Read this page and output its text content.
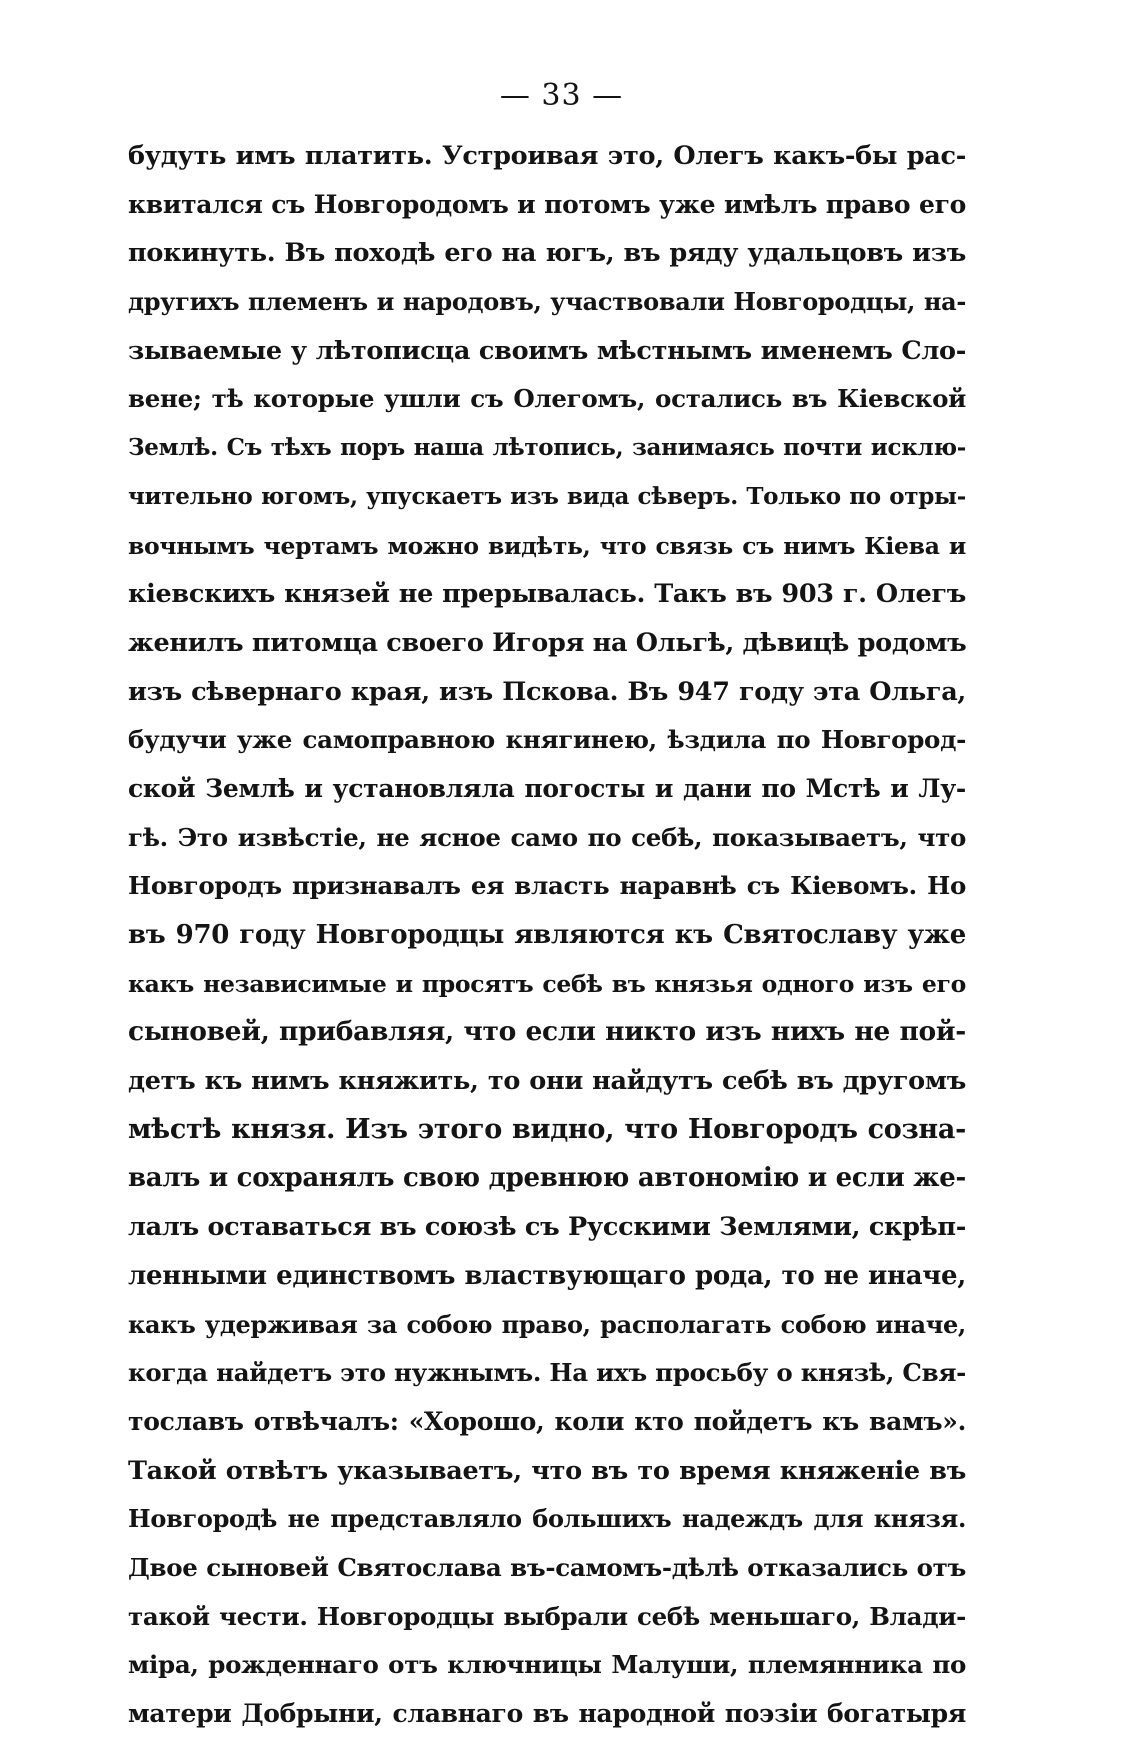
— 33 —
будуть имъ платить. Устроивая это, Олегъ какъ-бы рас-
квитался съ Новгородомъ и потомъ уже имѣлъ право его
покинуть. Въ походѣ его на югъ, въ ряду удальцовъ изъ
другихъ племенъ и народовъ, участвовали Новгородцы, на-
зываемые у лѣтописца своимъ мѣстнымъ именемъ Сло-
вене; тѣ которые ушли съ Олегомъ, остались въ Кіевской
Землѣ. Съ тѣхъ поръ наша лѣтопись, занимаясь почти исклю-
чительно югомъ, упускаетъ изъ вида сѣверъ. Только по отры-
вочнымъ чертамъ можно видѣть, что связь съ нимъ Кіева и
кіевскихъ князей не прерывалась. Такъ въ 903 г. Олегъ
женилъ питомца своего Игоря на Ольгѣ, дѣвицѣ родомъ
изъ сѣвернаго края, изъ Пскова. Въ 947 году эта Ольга,
будучи уже самоправною княгинею, ѣздила по Новгород-
ской Землѣ и установляла погосты и дани по Мстѣ и Лу-
гѣ. Это извѣстіе, не ясное само по себѣ, показываетъ, что
Новгородъ признавалъ ея власть наравнѣ съ Кіевомъ. Но
въ 970 году Новгородцы являются къ Святославу уже
какъ независимые и просятъ себѣ въ князья одного изъ его
сыновей, прибавляя, что если никто изъ нихъ не пой-
детъ къ нимъ княжить, то они найдутъ себѣ въ другомъ
мѣстѣ князя. Изъ этого видно, что Новгородъ созна-
валъ и сохранялъ свою древнюю автономію и если же-
лалъ оставаться въ союзѣ съ Русскими Землями, скрѣп-
ленными единствомъ властвующаго рода, то не иначе,
какъ удерживая за собою право, располагать собою иначе,
когда найдетъ это нужнымъ. На ихъ просьбу о князѣ, Свя-
тославъ отвѣчалъ: «Хорошо, коли кто пойдетъ къ вамъ».
Такой отвѣтъ указываетъ, что въ то время княженіе въ
Новгородѣ не представляло большихъ надеждъ для князя.
Двое сыновей Святослава въ-самомъ-дѣлѣ отказались отъ
такой чести. Новгородцы выбрали себѣ меньшаго, Влади-
міра, рожденнаго отъ ключницы Малуши, племянника по
матери Добрыни, славнаго въ народной поэзіи богатыря
